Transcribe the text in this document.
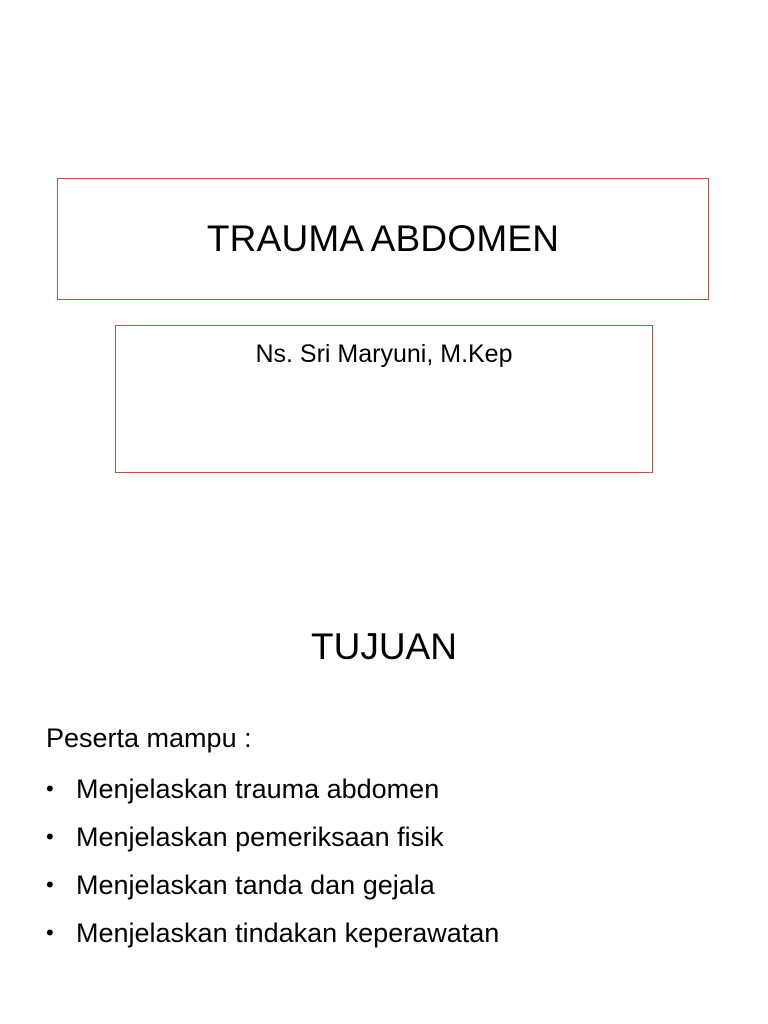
TRAUMA ABDOMEN
Ns. Sri Maryuni, M.Kep
TUJUAN
Peserta mampu :
• Menjelaskan trauma abdomen
• Menjelaskan pemeriksaan fisik
• Menjelaskan tanda dan gejala
• Menjelaskan tindakan keperawatan
